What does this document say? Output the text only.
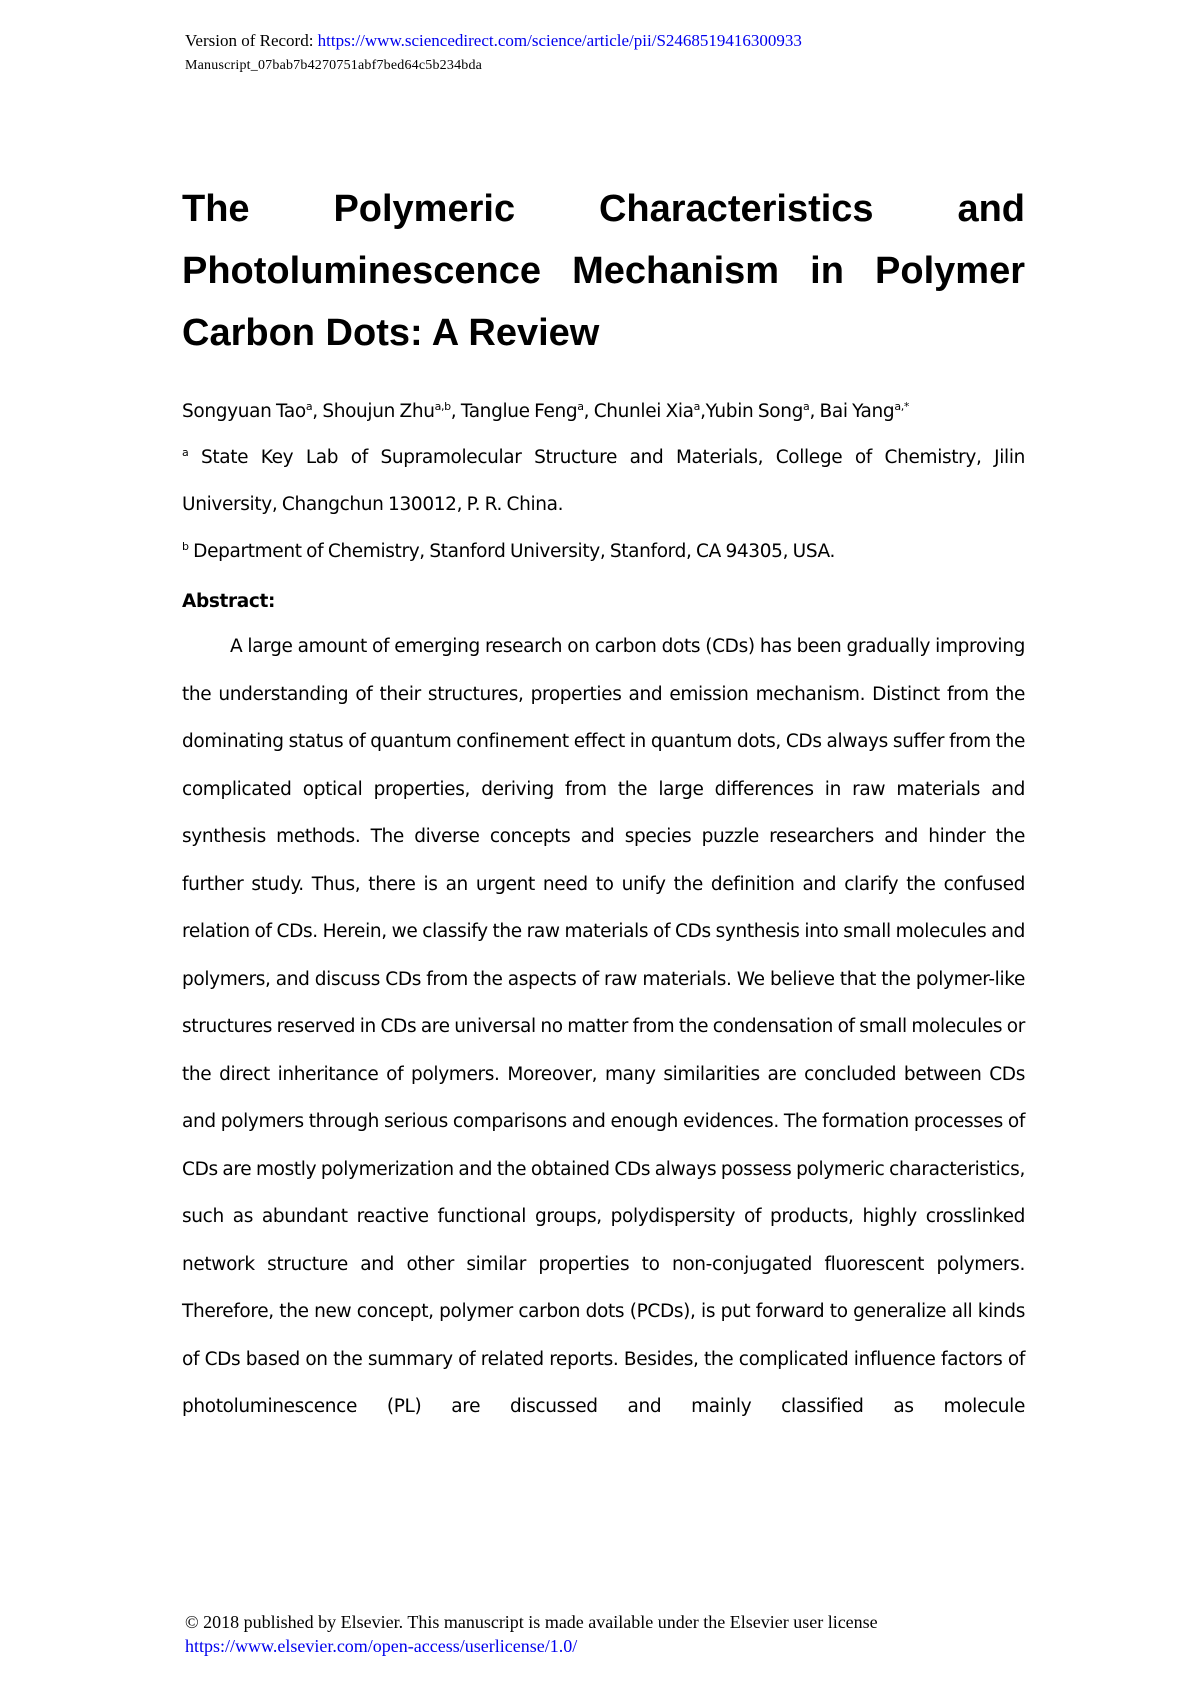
Version of Record: https://www.sciencedirect.com/science/article/pii/S2468519416300933
Manuscript_07bab7b4270751abf7bed64c5b234bda
The Polymeric Characteristics and Photoluminescence Mechanism in Polymer Carbon Dots: A Review
Songyuan Tao$^a$, Shoujun Zhu$^{a,b}$, Tanglue Feng$^a$, Chunlei Xia$^a$,Yubin Song$^a$, Bai Yang$^{a,*}$
$^a$ State Key Lab of Supramolecular Structure and Materials, College of Chemistry, Jilin University, Changchun 130012, P. R. China.
$^b$ Department of Chemistry, Stanford University, Stanford, CA 94305, USA.
Abstract:
A large amount of emerging research on carbon dots (CDs) has been gradually improving the understanding of their structures, properties and emission mechanism. Distinct from the dominating status of quantum confinement effect in quantum dots, CDs always suffer from the complicated optical properties, deriving from the large differences in raw materials and synthesis methods. The diverse concepts and species puzzle researchers and hinder the further study. Thus, there is an urgent need to unify the definition and clarify the confused relation of CDs. Herein, we classify the raw materials of CDs synthesis into small molecules and polymers, and discuss CDs from the aspects of raw materials. We believe that the polymer-like structures reserved in CDs are universal no matter from the condensation of small molecules or the direct inheritance of polymers. Moreover, many similarities are concluded between CDs and polymers through serious comparisons and enough evidences. The formation processes of CDs are mostly polymerization and the obtained CDs always possess polymeric characteristics, such as abundant reactive functional groups, polydispersity of products, highly crosslinked network structure and other similar properties to non-conjugated fluorescent polymers. Therefore, the new concept, polymer carbon dots (PCDs), is put forward to generalize all kinds of CDs based on the summary of related reports. Besides, the complicated influence factors of photoluminescence (PL) are discussed and mainly classified as molecule
© 2018 published by Elsevier. This manuscript is made available under the Elsevier user license
https://www.elsevier.com/open-access/userlicense/1.0/
